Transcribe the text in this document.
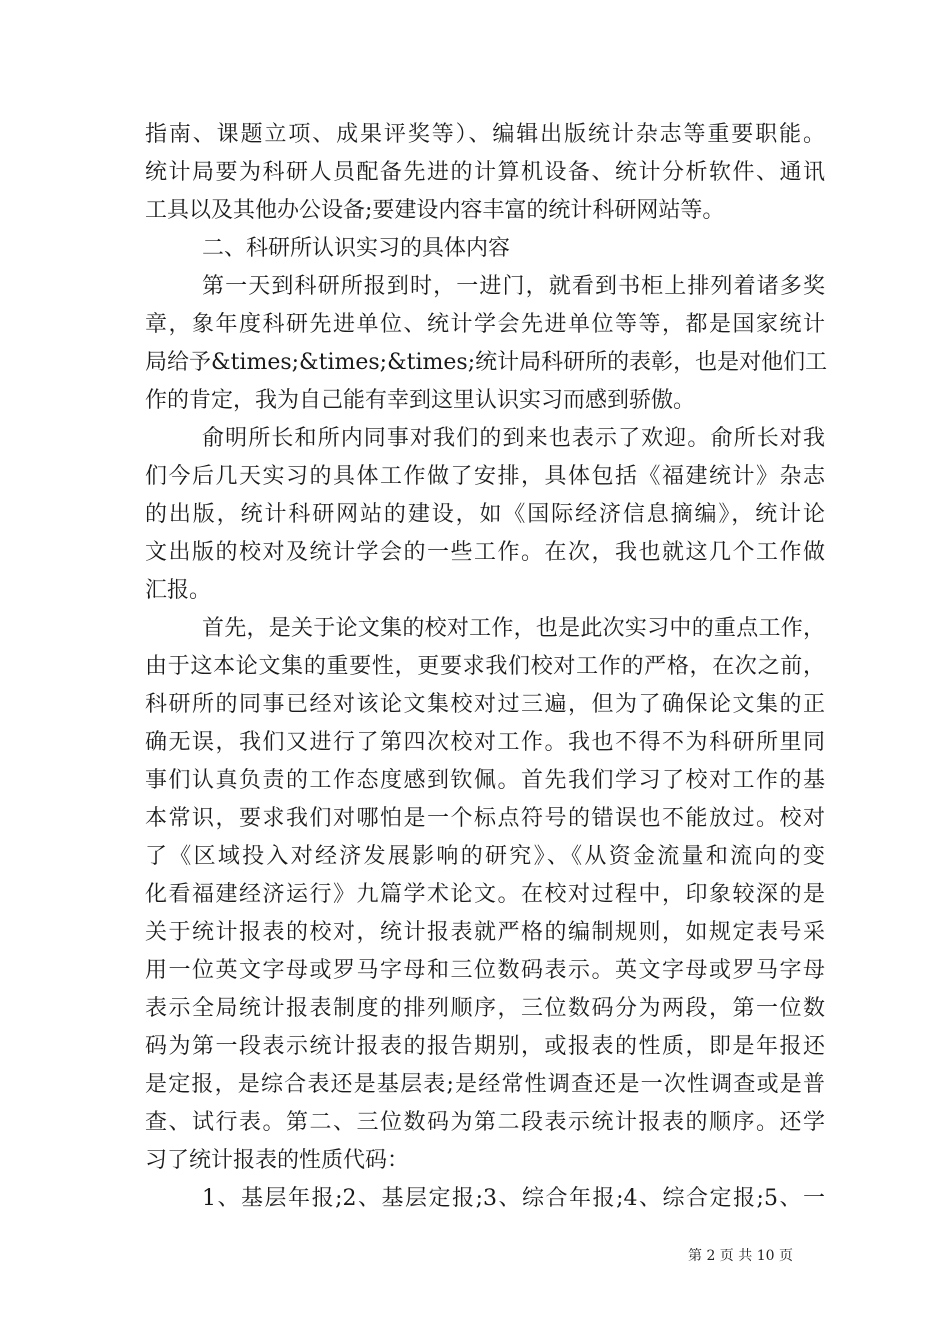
指南、课题立项、成果评奖等）、编辑出版统计杂志等重要职能。
统计局要为科研人员配备先进的计算机设备、统计分析软件、通讯
工具以及其他办公设备;要建设内容丰富的统计科研网站等。
二、科研所认识实习的具体内容
第一天到科研所报到时，一进门，就看到书柜上排列着诸多奖
章，象年度科研先进单位、统计学会先进单位等等，都是国家统计
局给予&times;&times;&times;统计局科研所的表彰，也是对他们工
作的肯定，我为自己能有幸到这里认识实习而感到骄傲。
俞明所长和所内同事对我们的到来也表示了欢迎。俞所长对我
们今后几天实习的具体工作做了安排，具体包括《福建统计》杂志
的出版，统计科研网站的建设，如《国际经济信息摘编》，统计论
文出版的校对及统计学会的一些工作。在次，我也就这几个工作做
汇报。
首先，是关于论文集的校对工作，也是此次实习中的重点工作，
由于这本论文集的重要性，更要求我们校对工作的严格，在次之前，
科研所的同事已经对该论文集校对过三遍，但为了确保论文集的正
确无误，我们又进行了第四次校对工作。我也不得不为科研所里同
事们认真负责的工作态度感到钦佩。首先我们学习了校对工作的基
本常识，要求我们对哪怕是一个标点符号的错误也不能放过。校对
了《区域投入对经济发展影响的研究》、《从资金流量和流向的变
化看福建经济运行》九篇学术论文。在校对过程中，印象较深的是
关于统计报表的校对，统计报表就严格的编制规则，如规定表号采
用一位英文字母或罗马字母和三位数码表示。英文字母或罗马字母
表示全局统计报表制度的排列顺序，三位数码分为两段，第一位数
码为第一段表示统计报表的报告期别，或报表的性质，即是年报还
是定报，是综合表还是基层表;是经常性调查还是一次性调查或是普
查、试行表。第二、三位数码为第二段表示统计报表的顺序。还学
习了统计报表的性质代码：
1、基层年报;2、基层定报;3、综合年报;4、综合定报;5、一
第 2 页 共 10 页
